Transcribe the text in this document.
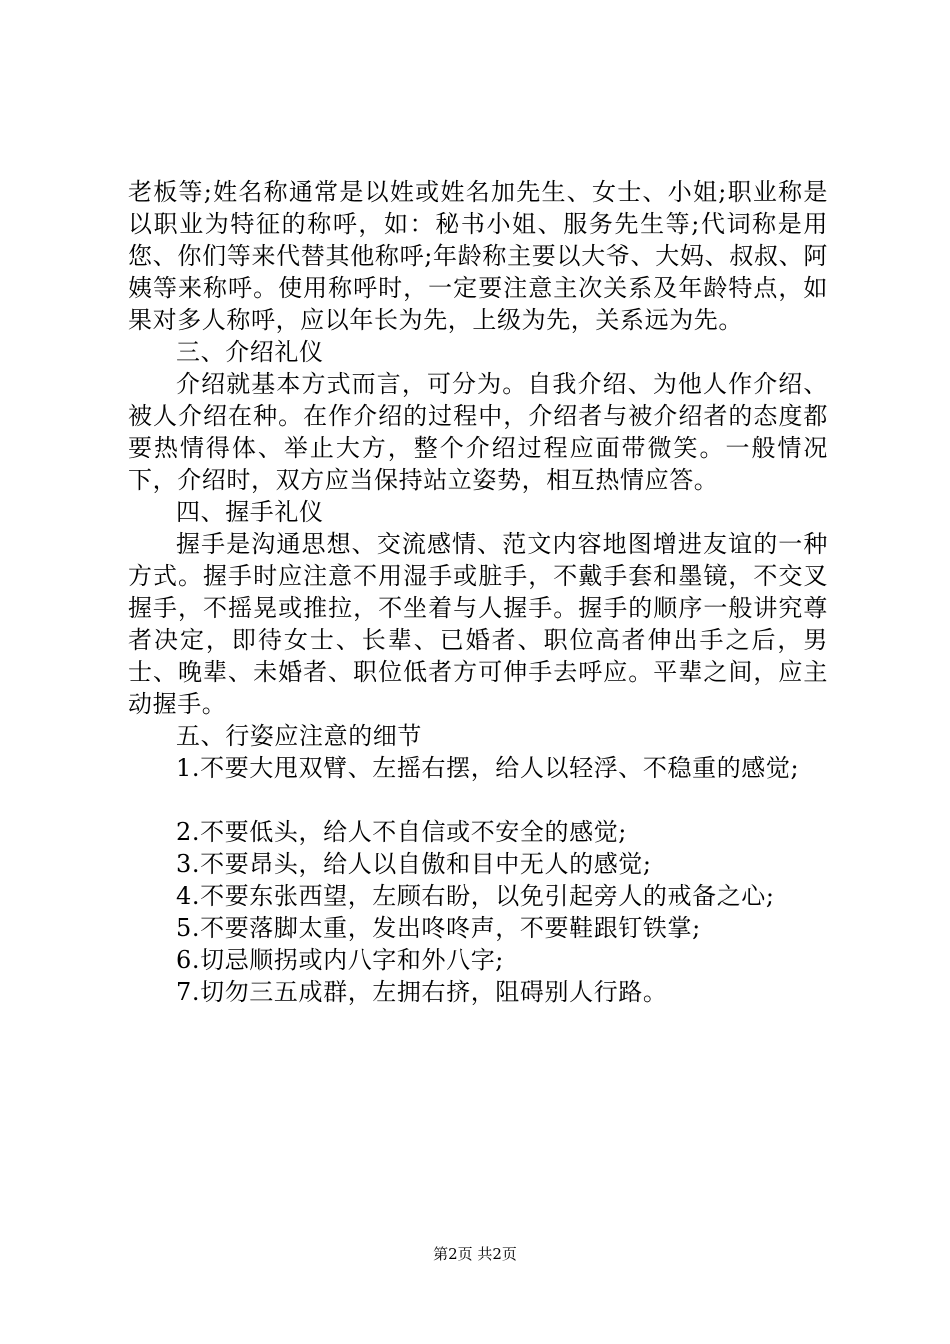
老板等;姓名称通常是以姓或姓名加先生、女士、小姐;职业称是以职业为特征的称呼，如：秘书小姐、服务先生等;代词称是用您、你们等来代替其他称呼;年龄称主要以大爷、大妈、叔叔、阿姨等来称呼。使用称呼时，一定要注意主次关系及年龄特点，如果对多人称呼，应以年长为先，上级为先，关系远为先。

三、介绍礼仪

介绍就基本方式而言，可分为。自我介绍、为他人作介绍、被人介绍在种。在作介绍的过程中，介绍者与被介绍者的态度都要热情得体、举止大方，整个介绍过程应面带微笑。一般情况下，介绍时，双方应当保持站立姿势，相互热情应答。

四、握手礼仪

握手是沟通思想、交流感情、范文内容地图增进友谊的一种方式。握手时应注意不用湿手或脏手，不戴手套和墨镜，不交叉握手，不摇晃或推拉，不坐着与人握手。握手的顺序一般讲究尊者决定，即待女士、长辈、已婚者、职位高者伸出手之后，男士、晚辈、未婚者、职位低者方可伸手去呼应。平辈之间，应主动握手。

五、行姿应注意的细节

1.不要大甩双臂、左摇右摆，给人以轻浮、不稳重的感觉;

2.不要低头，给人不自信或不安全的感觉;

3.不要昂头，给人以自傲和目中无人的感觉;

4.不要东张西望，左顾右盼，以免引起旁人的戒备之心;

5.不要落脚太重，发出咚咚声，不要鞋跟钉铁掌;

6.切忌顺拐或内八字和外八字;

7.切勿三五成群，左拥右挤，阻碍别人行路。

第2页 共2页
